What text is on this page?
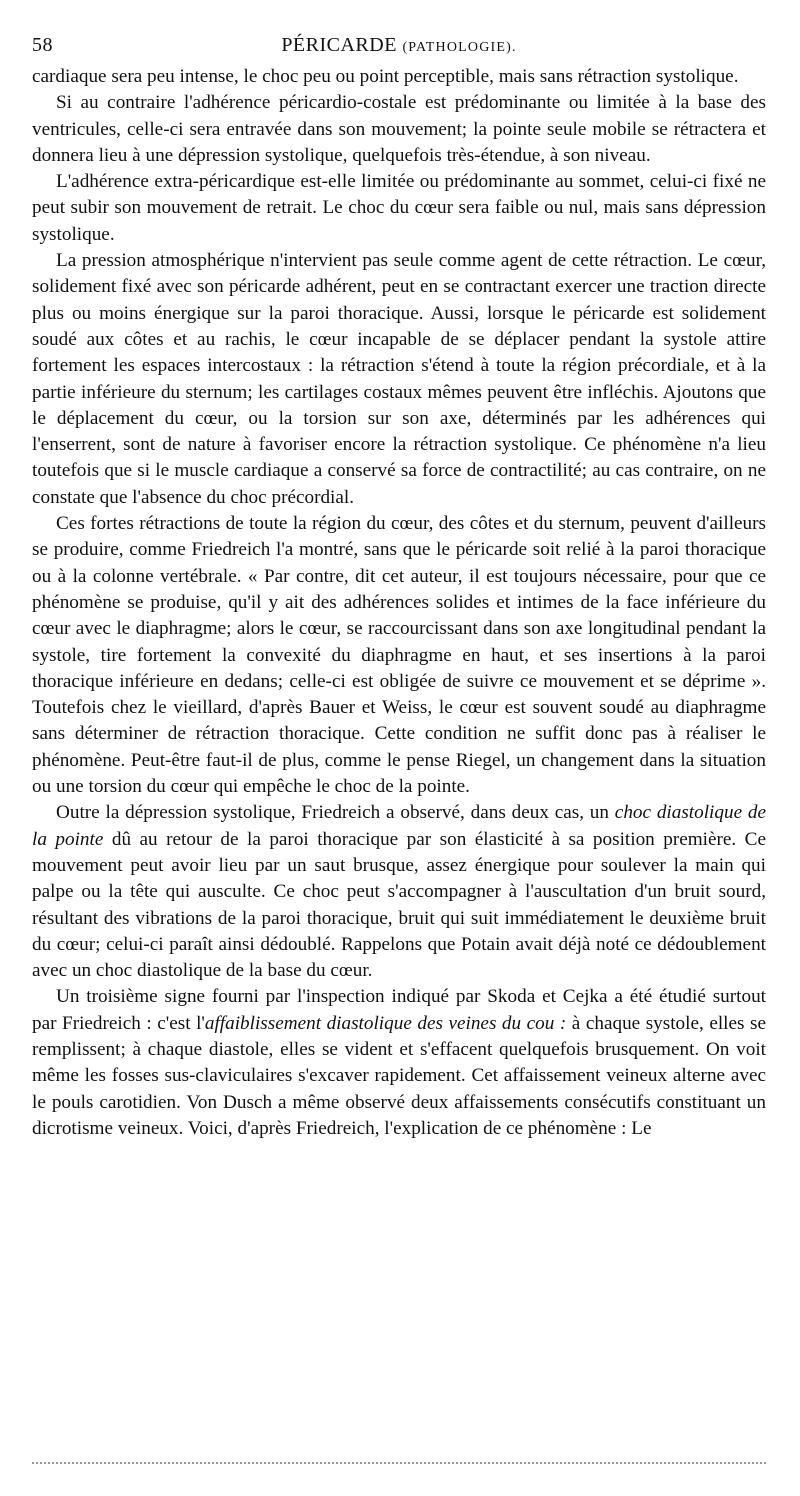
58	PÉRICARDE (PATHOLOGIE).

cardiaque sera peu intense, le choc peu ou point perceptible, mais sans rétraction systolique.

Si au contraire l'adhérence péricardio-costale est prédominante ou limitée à la base des ventricules, celle-ci sera entravée dans son mouvement; la pointe seule mobile se rétractera et donnera lieu à une dépression systolique, quelquefois très-étendue, à son niveau.

L'adhérence extra-péricardique est-elle limitée ou prédominante au sommet, celui-ci fixé ne peut subir son mouvement de retrait. Le choc du cœur sera faible ou nul, mais sans dépression systolique.

La pression atmosphérique n'intervient pas seule comme agent de cette rétraction. Le cœur, solidement fixé avec son péricarde adhérent, peut en se contractant exercer une traction directe plus ou moins énergique sur la paroi thoracique. Aussi, lorsque le péricarde est solidement soudé aux côtes et au rachis, le cœur incapable de se déplacer pendant la systole attire fortement les espaces intercostaux : la rétraction s'étend à toute la région précordiale, et à la partie inférieure du sternum; les cartilages costaux mêmes peuvent être infléchis. Ajoutons que le déplacement du cœur, ou la torsion sur son axe, déterminés par les adhérences qui l'enserrent, sont de nature à favoriser encore la rétraction systolique. Ce phénomène n'a lieu toutefois que si le muscle cardiaque a conservé sa force de contractilité; au cas contraire, on ne constate que l'absence du choc précordial.

Ces fortes rétractions de toute la région du cœur, des côtes et du sternum, peuvent d'ailleurs se produire, comme Friedreich l'a montré, sans que le péricarde soit relié à la paroi thoracique ou à la colonne vertébrale. « Par contre, dit cet auteur, il est toujours nécessaire, pour que ce phénomène se produise, qu'il y ait des adhérences solides et intimes de la face inférieure du cœur avec le diaphragme; alors le cœur, se raccourcissant dans son axe longitudinal pendant la systole, tire fortement la convexité du diaphragme en haut, et ses insertions à la paroi thoracique inférieure en dedans; celle-ci est obligée de suivre ce mouvement et se déprime ». Toutefois chez le vieillard, d'après Bauer et Weiss, le cœur est souvent soudé au diaphragme sans déterminer de rétraction thoracique. Cette condition ne suffit donc pas à réaliser le phénomène. Peut-être faut-il de plus, comme le pense Riegel, un changement dans la situation ou une torsion du cœur qui empêche le choc de la pointe.

Outre la dépression systolique, Friedreich a observé, dans deux cas, un choc diastolique de la pointe dû au retour de la paroi thoracique par son élasticité à sa position première. Ce mouvement peut avoir lieu par un saut brusque, assez énergique pour soulever la main qui palpe ou la tête qui ausculte. Ce choc peut s'accompagner à l'auscultation d'un bruit sourd, résultant des vibrations de la paroi thoracique, bruit qui suit immédiatement le deuxième bruit du cœur; celui-ci paraît ainsi dédoublé. Rappelons que Potain avait déjà noté ce dédoublement avec un choc diastolique de la base du cœur.

Un troisième signe fourni par l'inspection indiqué par Skoda et Cejka a été étudié surtout par Friedreich : c'est l'affaiblissement diastolique des veines du cou : à chaque systole, elles se remplissent; à chaque diastole, elles se vident et s'effacent quelquefois brusquement. On voit même les fosses sus-claviculaires s'excaver rapidement. Cet affaissement veineux alterne avec le pouls carotidien. Von Dusch a même observé deux affaissements consécutifs constituant un dicrotisme veineux. Voici, d'après Friedreich, l'explication de ce phénomène : Le
